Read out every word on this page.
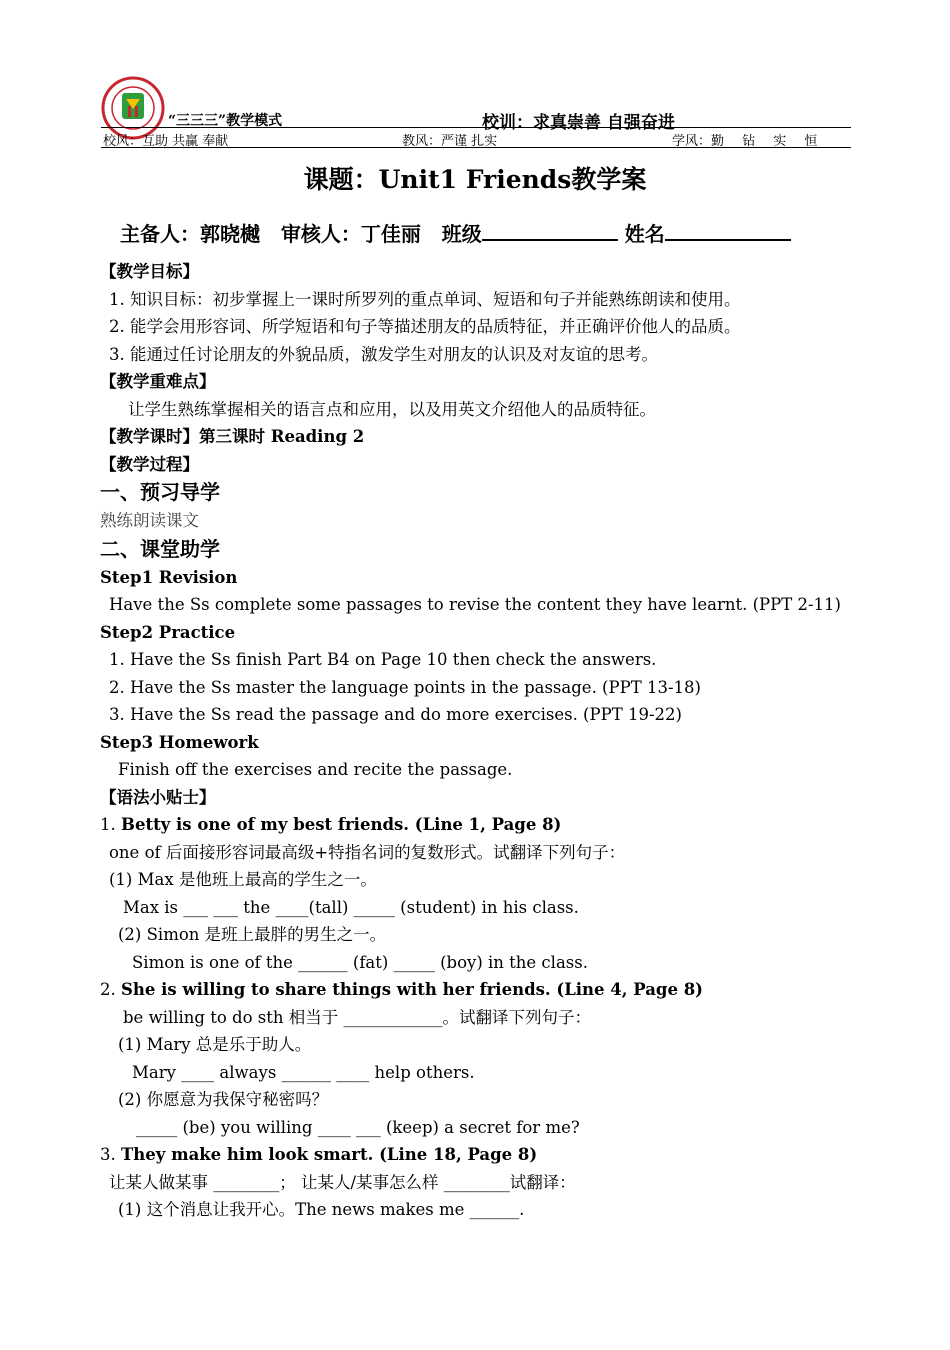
“三三三”教学模式	校训：求真崇善 自强奋进
校风：互助 共赢 奉献	教风：严谨 扎实	学风：勤 钻 实 恒
课题：Unit1 Friends教学案
主备人：郭晓樾 审核人：丁佳丽 班级	姓名
【教学目标】
1. 知识目标：初步掌握上一课时所罗列的重点单词、短语和句子并能熟练朗读和使用。
2. 能学会用形容词、所学短语和句子等描述朋友的品质特征，并正确评价他人的品质。
3. 能通过任讨论朋友的外貌品质，激发学生对朋友的认识及对友谊的思考。
【教学重难点】
让学生熟练掌握相关的语言点和应用，以及用英文介绍他人的品质特征。
【教学课时】第三课时 Reading 2
【教学过程】
一、预习导学
熟练朗读课文
二、课堂助学
Step1 Revision
Have the Ss complete some passages to revise the content they have learnt. (PPT 2-11)
Step2 Practice
1. Have the Ss finish Part B4 on Page 10 then check the answers.
2. Have the Ss master the language points in the passage. (PPT 13-18)
3. Have the Ss read the passage and do more exercises. (PPT 19-22)
Step3 Homework
Finish off the exercises and recite the passage.
【语法小贴士】
1. Betty is one of my best friends. (Line 1, Page 8)
one of 后面接形容词最高级+特指名词的复数形式。试翻译下列句子：
(1) Max 是他班上最高的学生之一。
Max is ___ ___ the ____(tall) _____ (student) in his class.
(2) Simon 是班上最胖的男生之一。
Simon is one of the ______ (fat) _____ (boy) in the class.
2. She is willing to share things with her friends. (Line 4, Page 8)
be willing to do sth 相当于 ____________。试翻译下列句子：
(1) Mary 总是乐于助人。
Mary ____ always ______ ____ help others.
(2) 你愿意为我保守秘密吗？
_____ (be) you willing ____ ___ (keep) a secret for me?
3. They make him look smart. (Line 18, Page 8)
让某人做某事 ________； 让某人/某事怎么样 ________试翻译：
(1) 这个消息让我开心。The news makes me ______.
